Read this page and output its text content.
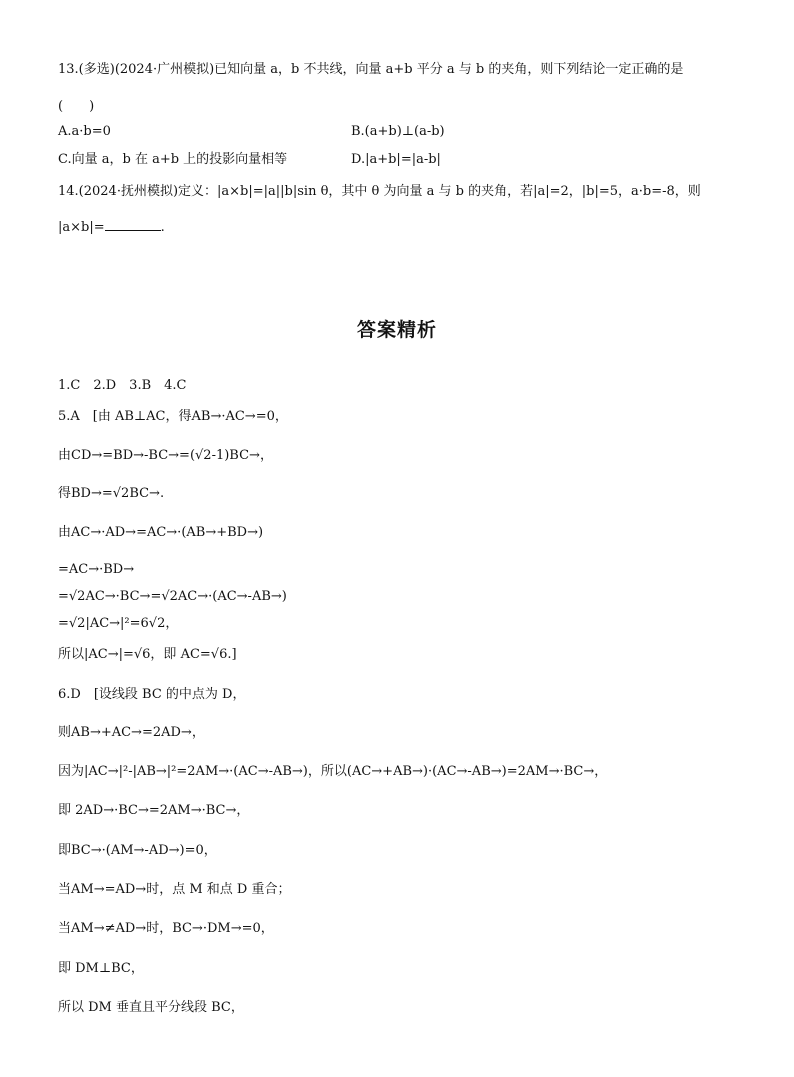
13.(多选)(2024·广州模拟)已知向量 a，b 不共线，向量 a+b 平分 a 与 b 的夹角，则下列结论一定正确的是
(　　)
A.a·b=0	B.(a+b)⊥(a-b)
C.向量 a，b 在 a+b 上的投影向量相等	D.|a+b|=|a-b|
14.(2024·抚州模拟)定义：|a×b|=|a||b|sin θ，其中 θ 为向量 a 与 b 的夹角，若|a|=2，|b|=5，a·b=-8，则
|a×b|=	.
答案精析
1.C　2.D　3.B　4.C
5.A　[由 AB⊥AC，得AB→·AC→=0，
由CD→=BD→-BC→=(√2-1)BC→，
得BD→=√2BC→.
由AC→·AD→=AC→·(AB→+BD→)
=AC→·BD→
=√2AC→·BC→=√2AC→·(AC→-AB→)
=√2|AC→|²=6√2，
所以|AC→|=√6，即 AC=√6.]
6.D　[设线段 BC 的中点为 D，
则AB→+AC→=2AD→，
因为|AC→|²-|AB→|²=2AM→·(AC→-AB→)，所以(AC→+AB→)·(AC→-AB→)=2AM→·BC→，
即 2AD→·BC→=2AM→·BC→，
即BC→·(AM→-AD→)=0，
当AM→=AD→时，点 M 和点 D 重合；
当AM→≠AD→时，BC→·DM→=0，
即 DM⊥BC，
所以 DM 垂直且平分线段 BC，
